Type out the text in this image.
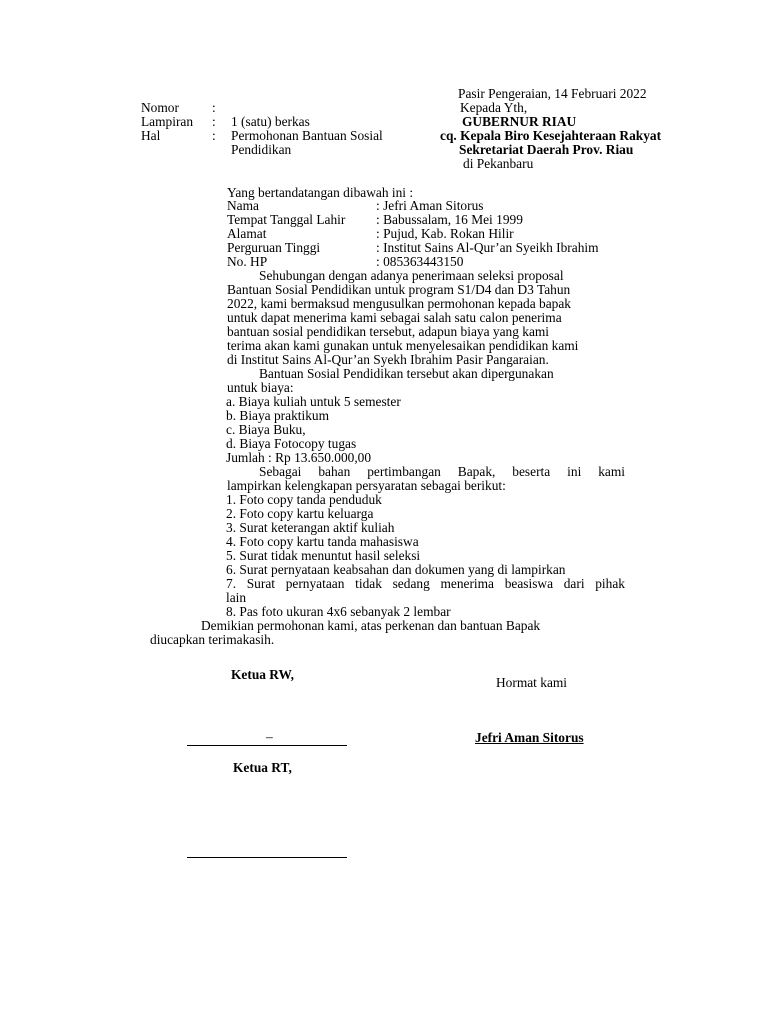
Pasir Pengeraian, 14 Februari 2022
Nomor :
Lampiran : 1 (satu) berkas
Hal	: Permohonan Bantuan Sosial
Pendidikan
Kepada Yth,
GUBERNUR RIAU
cq. Kepala Biro Kesejahteraan Rakyat
Sekretariat Daerah Prov. Riau
di Pekanbaru
Yang bertandatangan dibawah ini :
Nama	: Jefri Aman Sitorus
Tempat Tanggal Lahir : Babussalam, 16 Mei 1999
Alamat	: Pujud, Kab. Rokan Hilir
Perguruan Tinggi	: Institut Sains Al-Qur’an Syeikh Ibrahim
No. HP	: 085363443150
Sehubungan dengan adanya penerimaan seleksi proposal
Bantuan Sosial Pendidikan untuk program S1/D4 dan D3 Tahun
2022, kami bermaksud mengusulkan permohonan kepada bapak
untuk dapat menerima kami sebagai salah satu calon penerima
bantuan sosial pendidikan tersebut, adapun biaya yang kami
terima akan kami gunakan untuk menyelesaikan pendidikan kami
di Institut Sains Al-Qur’an Syekh Ibrahim Pasir Pangaraian.
Bantuan Sosial Pendidikan tersebut akan dipergunakan
untuk biaya:
a. Biaya kuliah untuk 5 semester
b. Biaya praktikum
c. Biaya Buku,
d. Biaya Fotocopy tugas
Jumlah : Rp 13.650.000,00
Sebagai bahan pertimbangan Bapak, beserta ini kami
lampirkan kelengkapan persyaratan sebagai berikut:
1. Foto copy tanda penduduk
2. Foto copy kartu keluarga
3. Surat keterangan aktif kuliah
4. Foto copy kartu tanda mahasiswa
5. Surat tidak menuntut hasil seleksi
6. Surat pernyataan keabsahan dan dokumen yang di lampirkan
7. Surat pernyataan tidak sedang menerima beasiswa dari pihak
lain
8. Pas foto ukuran 4x6 sebanyak 2 lembar
Demikian permohonan kami, atas perkenan dan bantuan Bapak
diucapkan terimakasih.
Ketua RW,
Hormat kami
–	Jefri Aman Sitorus
Ketua RT,
